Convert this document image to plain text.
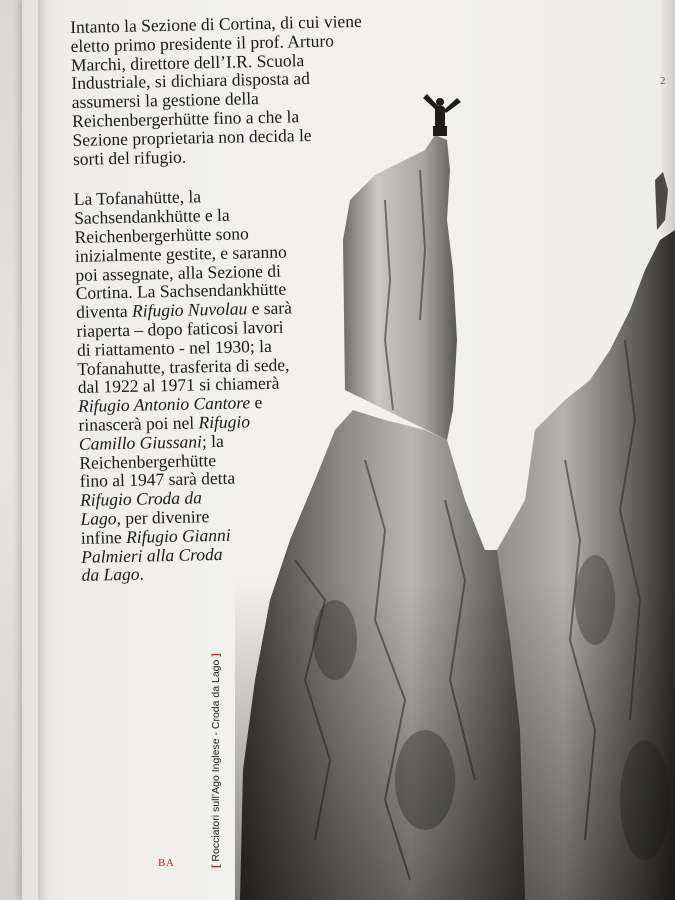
2

Intanto la Sezione di Cortina, di cui viene
eletto primo presidente il prof. Arturo
Marchi, direttore dell’I.R. Scuola
Industriale, si dichiara disposta ad
assumersi la gestione della
Reichenbergerhütte fino a che la
Sezione proprietaria non decida le
sorti del rifugio.

La Tofanahütte, la
Sachsendankhütte e la
Reichenbergerhütte sono
inizialmente gestite, e saranno
poi assegnate, alla Sezione di
Cortina. La Sachsendankhütte
diventa Rifugio Nuvolau e sarà
riaperta – dopo faticosi lavori
di riattamento - nel 1930; la
Tofanahutte, trasferita di sede,
dal 1922 al 1971 si chiamerà
Rifugio Antonio Cantore e
rinascerà poi nel Rifugio
Camillo Giussani; la
Reichenbergerhütte
fino al 1947 sarà detta
Rifugio Croda da
Lago, per divenire
infine Rifugio Gianni
Palmieri alla Croda
da Lago.

[ Rocciatori sull’Ago Inglese - Croda da Lago ]
BA
